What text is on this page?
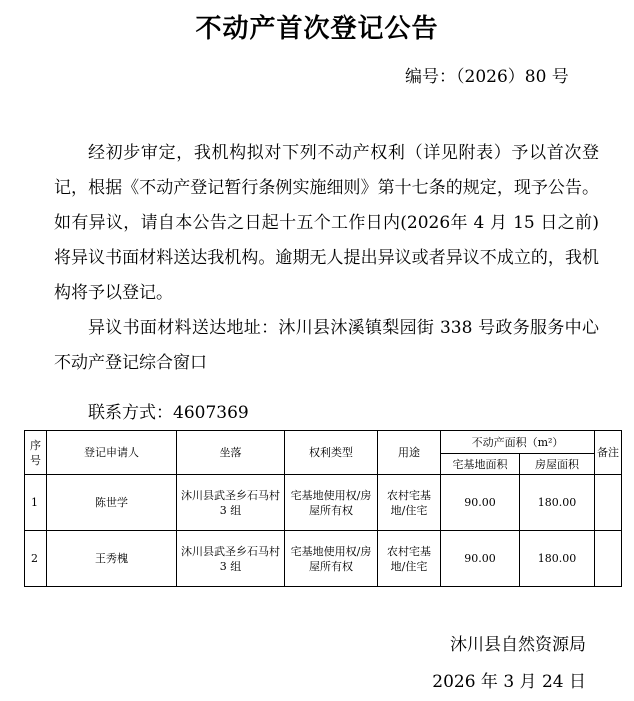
不动产首次登记公告
编号：（2026）80 号

经初步审定，我机构拟对下列不动产权利（详见附表）予以首次登记，根据《不动产登记暂行条例实施细则》第十七条的规定，现予公告。如有异议，请自本公告之日起十五个工作日内(2026年 4 月 15 日之前)将异议书面材料送达我机构。逾期无人提出异议或者异议不成立的，我机构将予以登记。

异议书面材料送达地址：沐川县沐溪镇梨园街 338 号政务服务中心不动产登记综合窗口

联系方式：4607369
序号	登记申请人	坐落	权利类型	用途	不动产面积（m²）		备注
					宅基地面积	房屋面积	
1	陈世学	沐川县武圣乡石马村 3 组	宅基地使用权/房屋所有权	农村宅基地/住宅	90.00	180.00	
2	王秀槐	沐川县武圣乡石马村 3 组	宅基地使用权/房屋所有权	农村宅基地/住宅	90.00	180.00	
沐川县自然资源局
2026 年 3 月 24 日
